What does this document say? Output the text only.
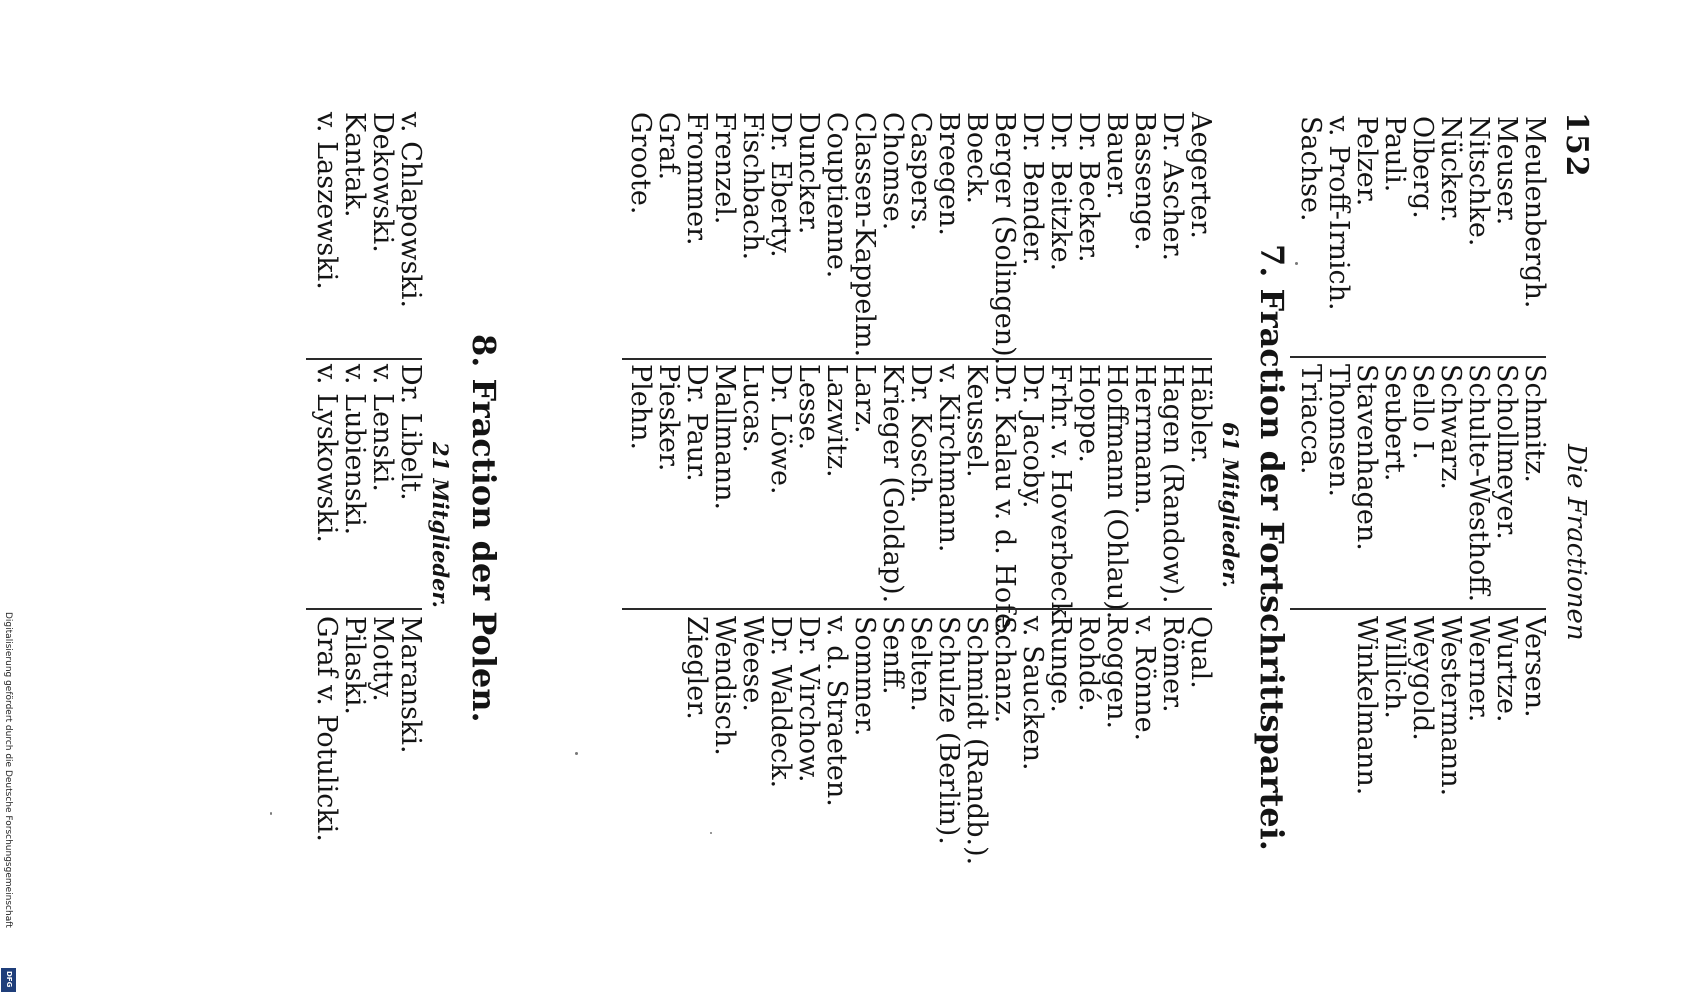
152
Die Fractionen
Meulenbergh.
Meuser.
Nitschke.
Nücker.
Olberg.
Pauli.
Pelzer.
v. Proff-Irnich.
Sachse.
Schmitz.
Schollmeyer.
Schulte-Westhoff.
Schwarz.
Sello I.
Seubert.
Stavenhagen.
Thomsen.
Triacca.
Versen.
Wurtze.
Werner.
Westermann.
Weygold.
Willich.
Winkelmann.
7. Fraction der Fortschrittspartei.
61 Mitglieder.
Aegerter.
Dr. Ascher.
Bassenge.
Bauer.
Dr. Becker.
Dr. Beitzke.
Dr. Bender.
Berger (Solingen).
Boeck.
Breegen.
Caspers.
Chomse.
Classen-Kappelm.
Couptienne.
Duncker.
Dr. Eberty.
Fischbach.
Frenzel.
Frommer.
Graf.
Groote.
Häbler.
Hagen (Randow).
Herrmann.
Hoffmann (Ohlau).
Hoppe.
Frhr. v. Hoverbeck.
Dr. Jacoby.
Dr. Kalau v. d. Hofe.
Keussel.
v. Kirchmann.
Dr. Kosch.
Krieger (Goldap).
Larz.
Lazwitz.
Lesse.
Dr. Löwe.
Lucas.
Mallmann.
Dr. Paur.
Piesker.
Plehn.
Qual.
Römer.
v. Rönne.
Roggen.
Rohdé.
Runge.
v. Saucken.
Schanz.
Schmidt (Randb.).
Schulze (Berlin).
Selten.
Senff.
Sommer.
v. d. Straeten.
Dr. Virchow.
Dr. Waldeck.
Weese.
Wendisch.
Ziegler.
8. Fraction der Polen.
21 Mitglieder.
v. Chlapowski.
Dekowski.
Kantak.
v. Laszewski.
Dr. Libelt.
v. Lenski.
v. Lubienski.
v. Lyskowski.
Maranski.
Motty.
Pilaski.
Graf v. Potulicki.
Digitalisierung gefördert durch die Deutsche Forschungsgemeinschaft
DFG
